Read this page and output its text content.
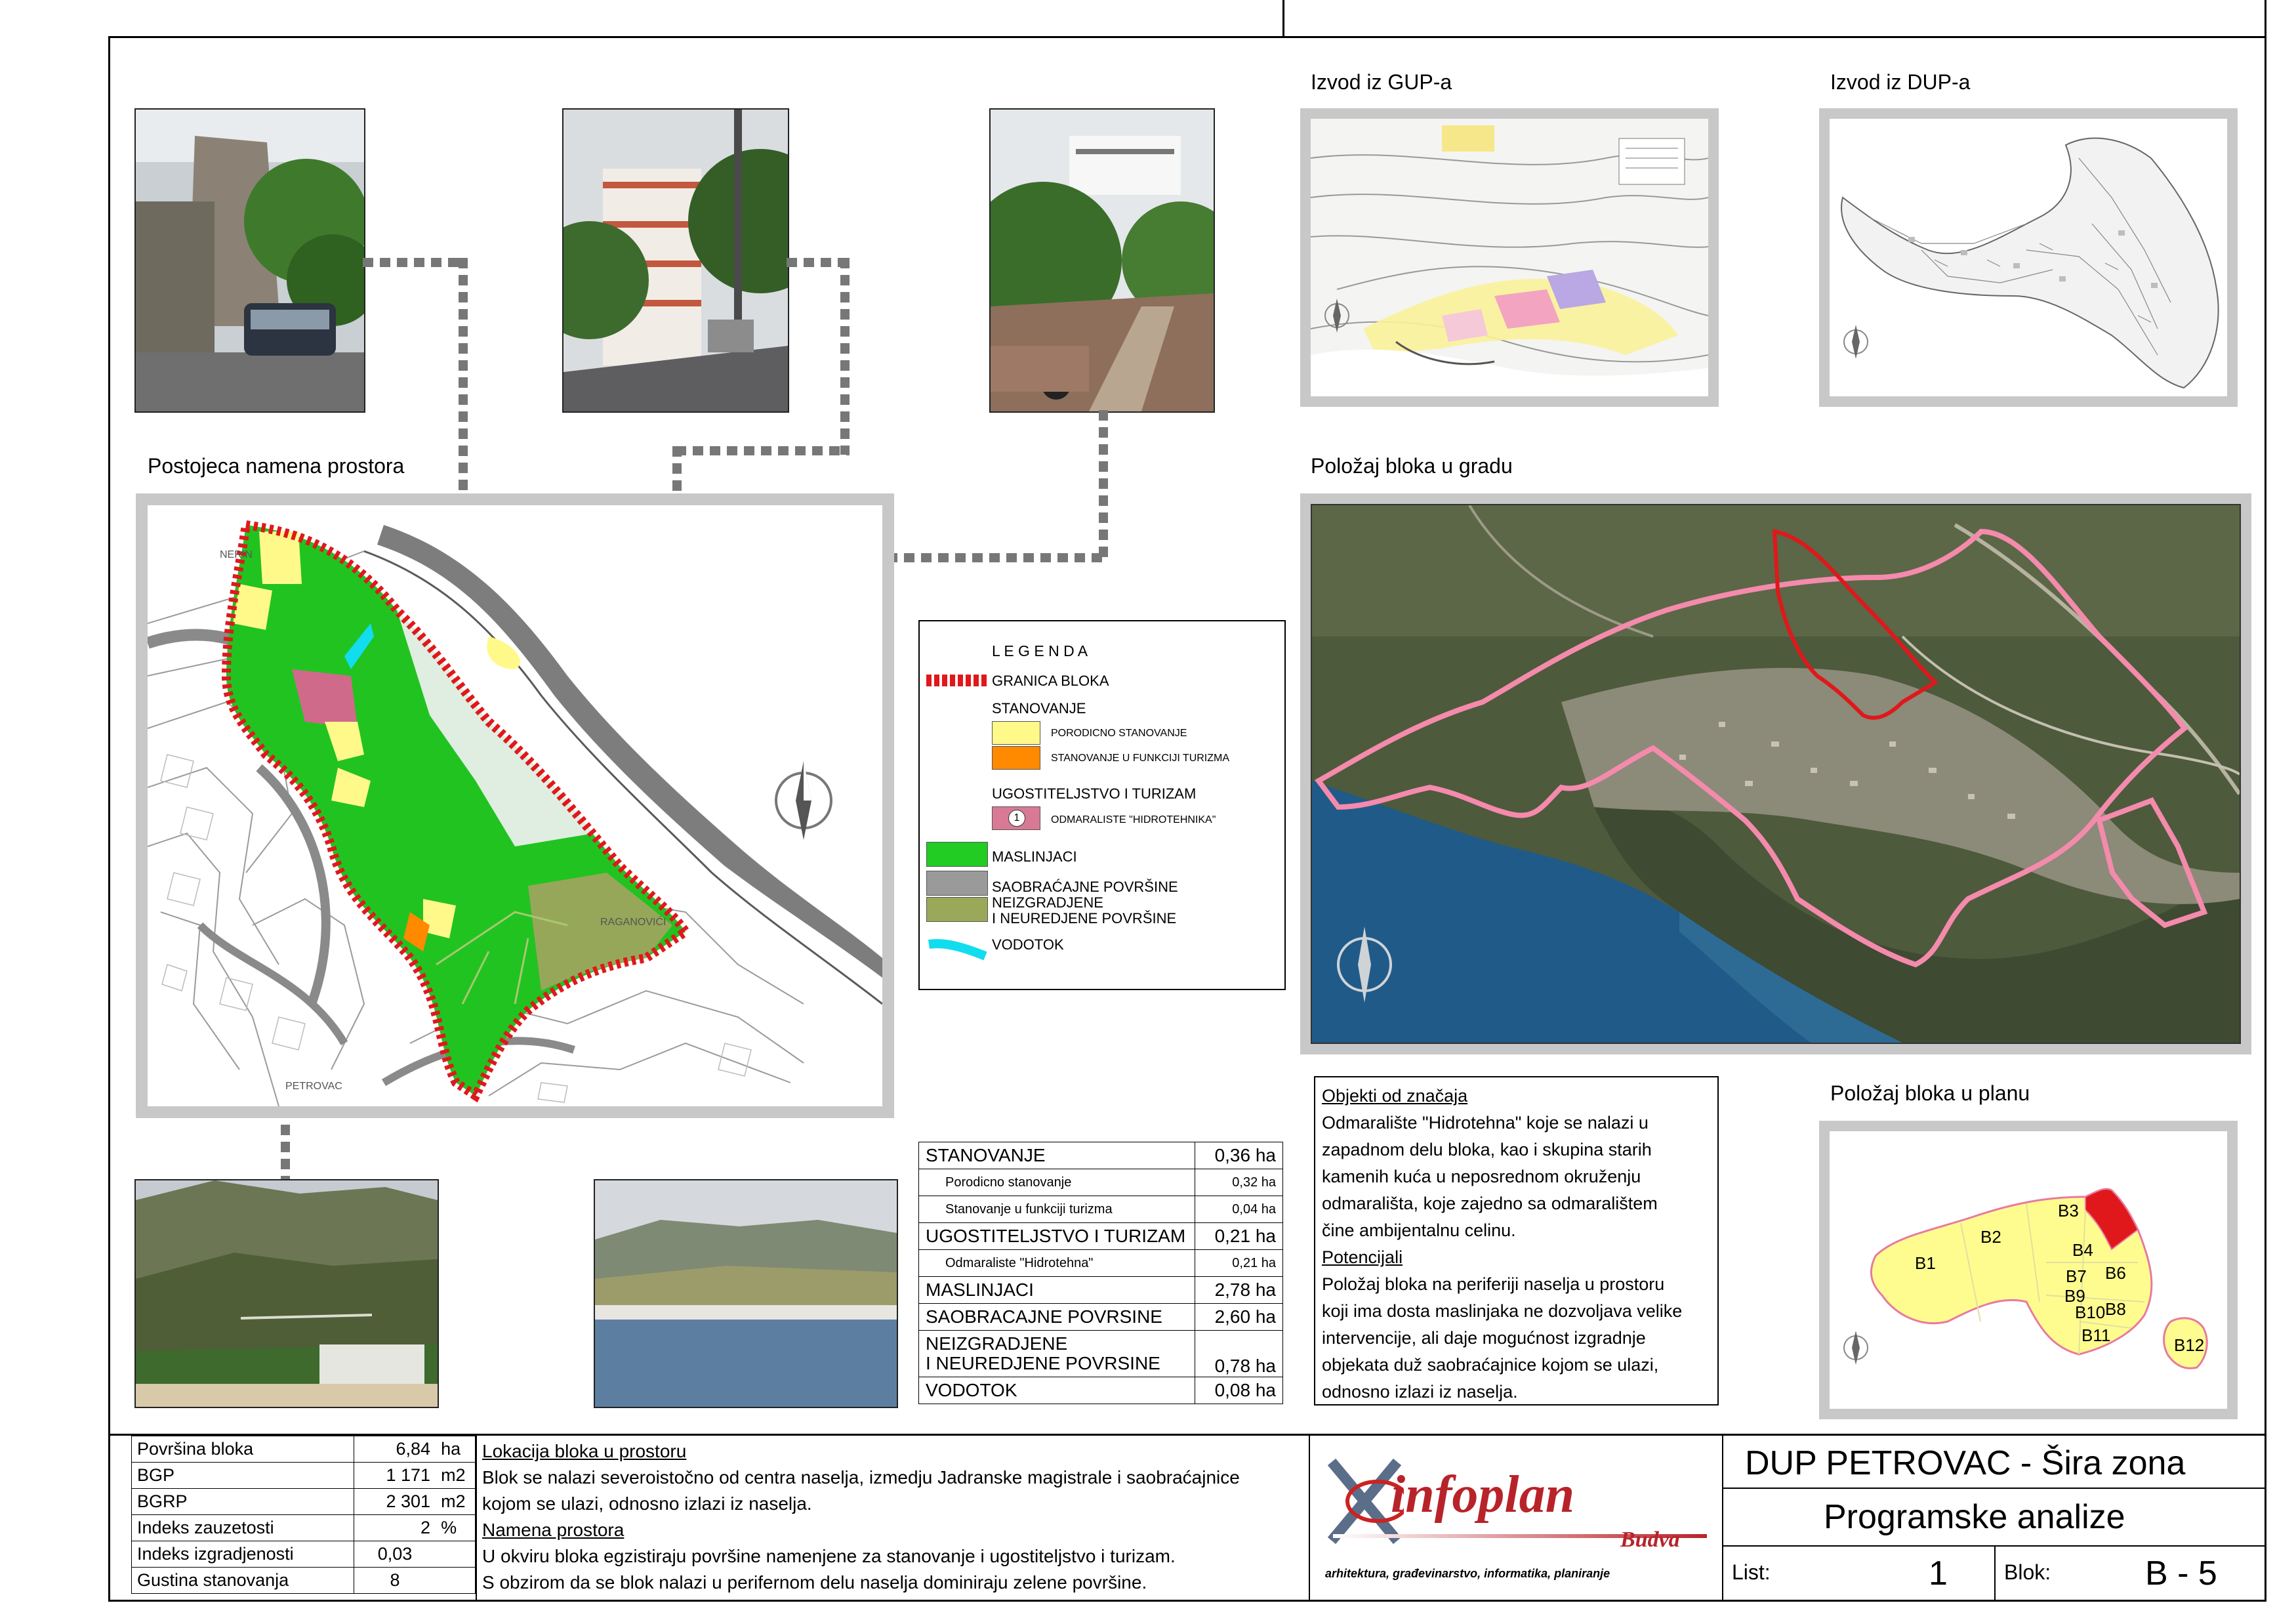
Postojeca namena prostora
Izvod iz GUP-a	Izvod iz DUP-a
Položaj bloka u gradu
Položaj bloka u planu
NERIN
RAGANOVIĆI
PETROVAC
L E G E N D A
GRANICA BLOKA
STANOVANJE
PORODICNO STANOVANJE
STANOVANJE U FUNKCIJI TURIZMA
UGOSTITELJSTVO I TURIZAM
1	ODMARALISTE "HIDROTEHNIKA"
MASLINJACI
SAOBRAĆAJNE POVRŠINE
NEIZGRADJENE
I NEUREDJENE POVRŠINE
VODOTOK
STANOVANJE	0,36 ha
Porodicno stanovanje	0,32 ha
Stanovanje u funkciji turizma	0,04 ha
UGOSTITELJSTVO I TURIZAM	0,21 ha
Odmaraliste "Hidrotehna"	0,21 ha
MASLINJACI	2,78 ha
SAOBRACAJNE POVRSINE	2,60 ha

NEIZGRADJENE
I NEUREDJENE POVRSINE	0,78 ha
VODOTOK	0,08 ha
Objekti od značaja
Odmaralište "Hidrotehna" koje se nalazi u
zapadnom delu bloka, kao i skupina starih
kamenih kuća u neposrednom okruženju
odmarališta, koje zajedno sa odmaralištem
čine ambijentalnu celinu.
Potencijali
Položaj bloka na periferiji naselja u prostoru
koji ima dosta maslinjaka ne dozvoljava velike
intervencije, ali daje mogućnost izgradnje
objekata duž saobraćajnice kojom se ulazi,
odnosno izlazi iz naselja.
B1
B2
B3
B4
B6
B7
B8
B9
B10
B11	B12
Površina bloka	6,84	ha
BGP	1 171	m2
BGRP	2 301	m2
Indeks zauzetosti	2	%
Indeks izgradjenosti	0,03	
Gustina stanovanja	8	
Lokacija bloka u prostoru
Blok se nalazi severoistočno od centra naselja, izmedju Jadranske magistrale i saobraćajnice
kojom se ulazi, odnosno izlazi iz naselja.
Namena prostora
U okviru bloka egzistiraju površine namenjene za stanovanje i ugostiteljstvo i turizam.
S obzirom da se blok nalazi u perifernom delu naselja dominiraju zelene površine.
infoplan
Budva
arhitektura, građevinarstvo, informatika, planiranje
DUP PETROVAC - Šira zona
Programske analize
List:	1	Blok:	B - 5
